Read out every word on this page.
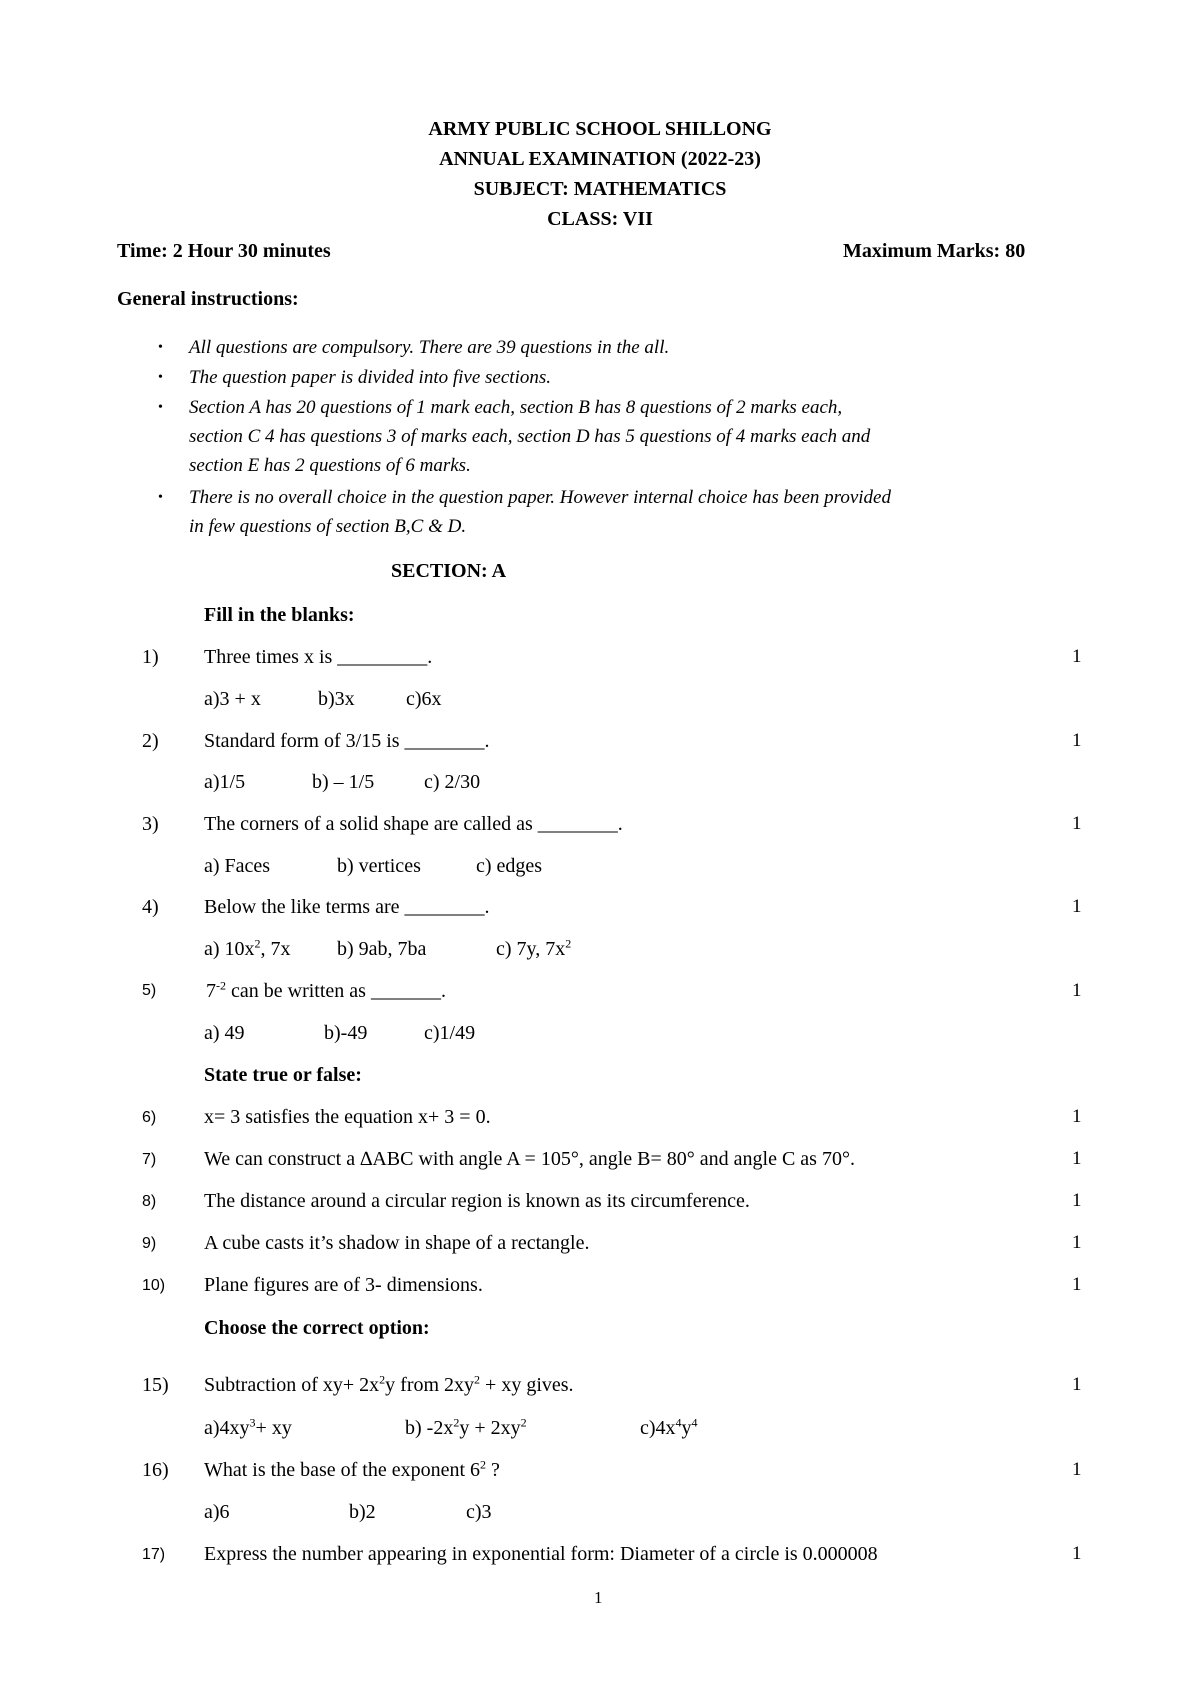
ARMY PUBLIC SCHOOL SHILLONG
ANNUAL EXAMINATION (2022-23)
SUBJECT: MATHEMATICS
CLASS: VII
Time: 2 Hour 30 minutes	Maximum Marks: 80
General instructions:
• All questions are compulsory. There are 39 questions in the all.
• The question paper is divided into five sections.
• Section A has 20 questions of 1 mark each, section B has 8 questions of 2 marks each,
section C 4 has questions 3 of marks each, section D has 5 questions of 4 marks each and
section E has 2 questions of 6 marks.
• There is no overall choice in the question paper. However internal choice has been provided
in few questions of section B,C & D.
SECTION: A
Fill in the blanks:
1) Three times x is _________.	1
a)3 + x	b)3x	c)6x
2) Standard form of 3/15 is ________.	1
a)1/5	b) – 1/5 c) 2/30
3) The corners of a solid shape are called as ________.	1
a) Faces	b) vertices	c) edges
4) Below the like terms are ________.	1
a) $10x^2$, 7x b) 9ab, 7ba	c) 7y, $7x^2$
5) $7^{-2}$ can be written as _______.	1
a) 49	b)-49	c)1/49
State true or false:
6) x= 3 satisfies the equation x+ 3 = 0.	1
7) We can construct a ∆ABC with angle A = 105°, angle B= 80° and angle C as 70°.	1
8) The distance around a circular region is known as its circumference.	1
9) A cube casts it’s shadow in shape of a rectangle.	1
10) Plane figures are of 3- dimensions.	1
Choose the correct option:
15) Subtraction of $xy+ 2x^2y$ from $2xy^2$ + xy gives.	1
$a)4xy^3+$ xy	b) $-2x^2y + 2xy^2$	$c)4x^4y^4$
16) What is the base of the exponent $6^2$ ?	1
a)6	b)2	c)3
17) Express the number appearing in exponential form: Diameter of a circle is 0.000008	1
1
